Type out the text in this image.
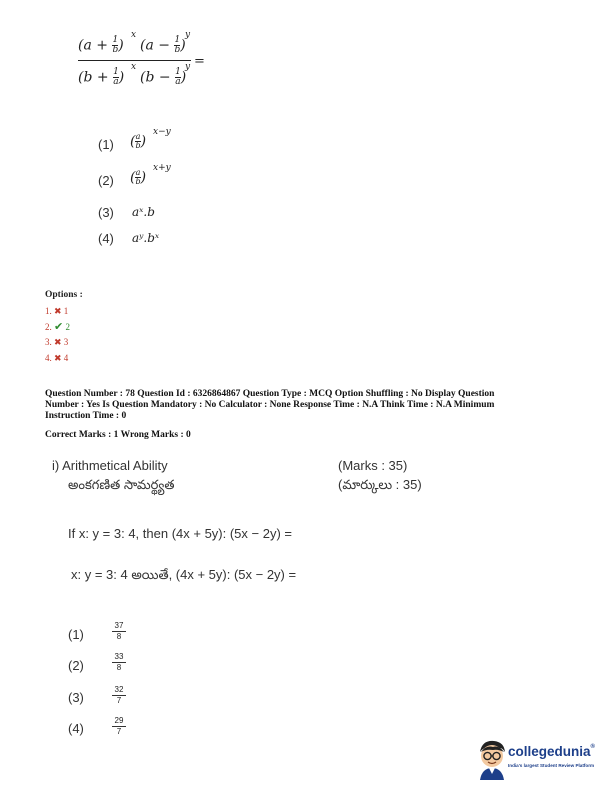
($a + \frac{1}{b}$ )
x
($a - \frac{1}{b}$ )
y
($b + \frac{1}{a}$ )
x
($b - \frac{1}{a}$ )
y =
(1) ( $\frac{a}{b}$ )
x−y
(2) ( $\frac{a}{b}$ )
x+y
(3) aˣ.b
(4) aʸ.bˣ
Options :
1. ✖ 1
2. ✔ 2
3. ✖ 3
4. ✖ 4
Question Number : 78 Question Id : 6326864867 Question Type : MCQ Option Shuffling : No Display Question
Number : Yes Is Question Mandatory : No Calculator : None Response Time : N.A Think Time : N.A Minimum
Instruction Time : 0
Correct Marks : 1 Wrong Marks : 0
i) Arithmetical Ability
అంకగణిత సామర్థ్యత
(Marks : 35)
(మార్కులు : 35)
If x: y = 3: 4, then (4x + 5y): (5x − 2y) =
x: y = 3: 4 అయితే, (4x + 5y): (5x − 2y) =
(1)	$\frac{37}{8}$
(2)	$\frac{33}{8}$
(3)	$\frac{32}{7}$
(4)	$\frac{29}{7}$
collegedunia®
India's largest Student Review Platform
